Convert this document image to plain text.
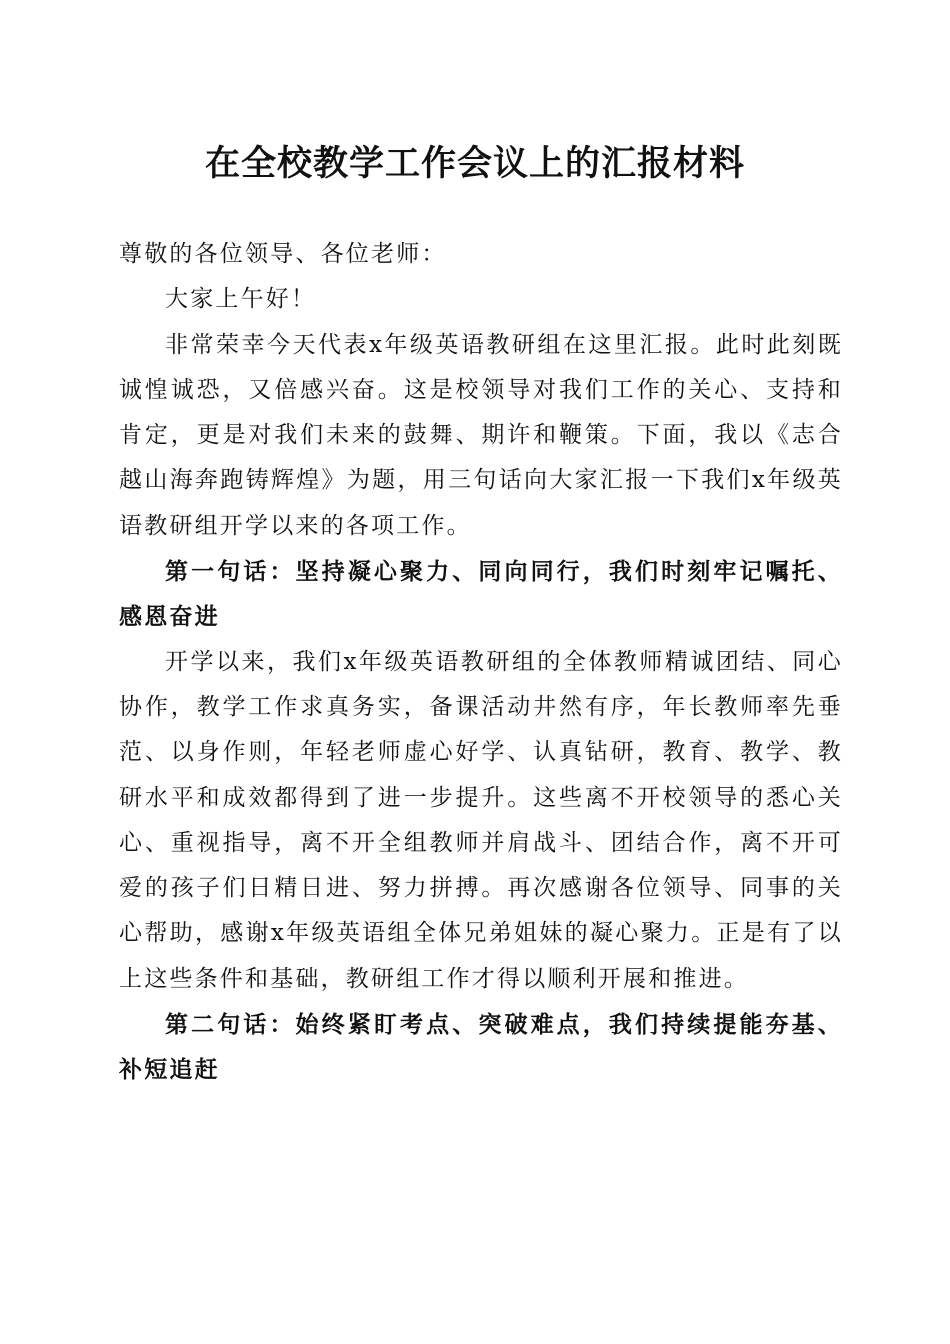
在全校教学工作会议上的汇报材料

尊敬的各位领导、各位老师：

大家上午好！

非常荣幸今天代表x年级英语教研组在这里汇报。此时此刻既诚惶诚恐，又倍感兴奋。这是校领导对我们工作的关心、支持和肯定，更是对我们未来的鼓舞、期许和鞭策。下面，我以《志合越山海奔跑铸辉煌》为题，用三句话向大家汇报一下我们x年级英语教研组开学以来的各项工作。

第一句话：坚持凝心聚力、同向同行，我们时刻牢记嘱托、感恩奋进

开学以来，我们x年级英语教研组的全体教师精诚团结、同心协作，教学工作求真务实，备课活动井然有序，年长教师率先垂范、以身作则，年轻老师虚心好学、认真钻研，教育、教学、教研水平和成效都得到了进一步提升。这些离不开校领导的悉心关心、重视指导，离不开全组教师并肩战斗、团结合作，离不开可爱的孩子们日精日进、努力拼搏。再次感谢各位领导、同事的关心帮助，感谢x年级英语组全体兄弟姐妹的凝心聚力。正是有了以上这些条件和基础，教研组工作才得以顺利开展和推进。

第二句话：始终紧盯考点、突破难点，我们持续提能夯基、补短追赶
